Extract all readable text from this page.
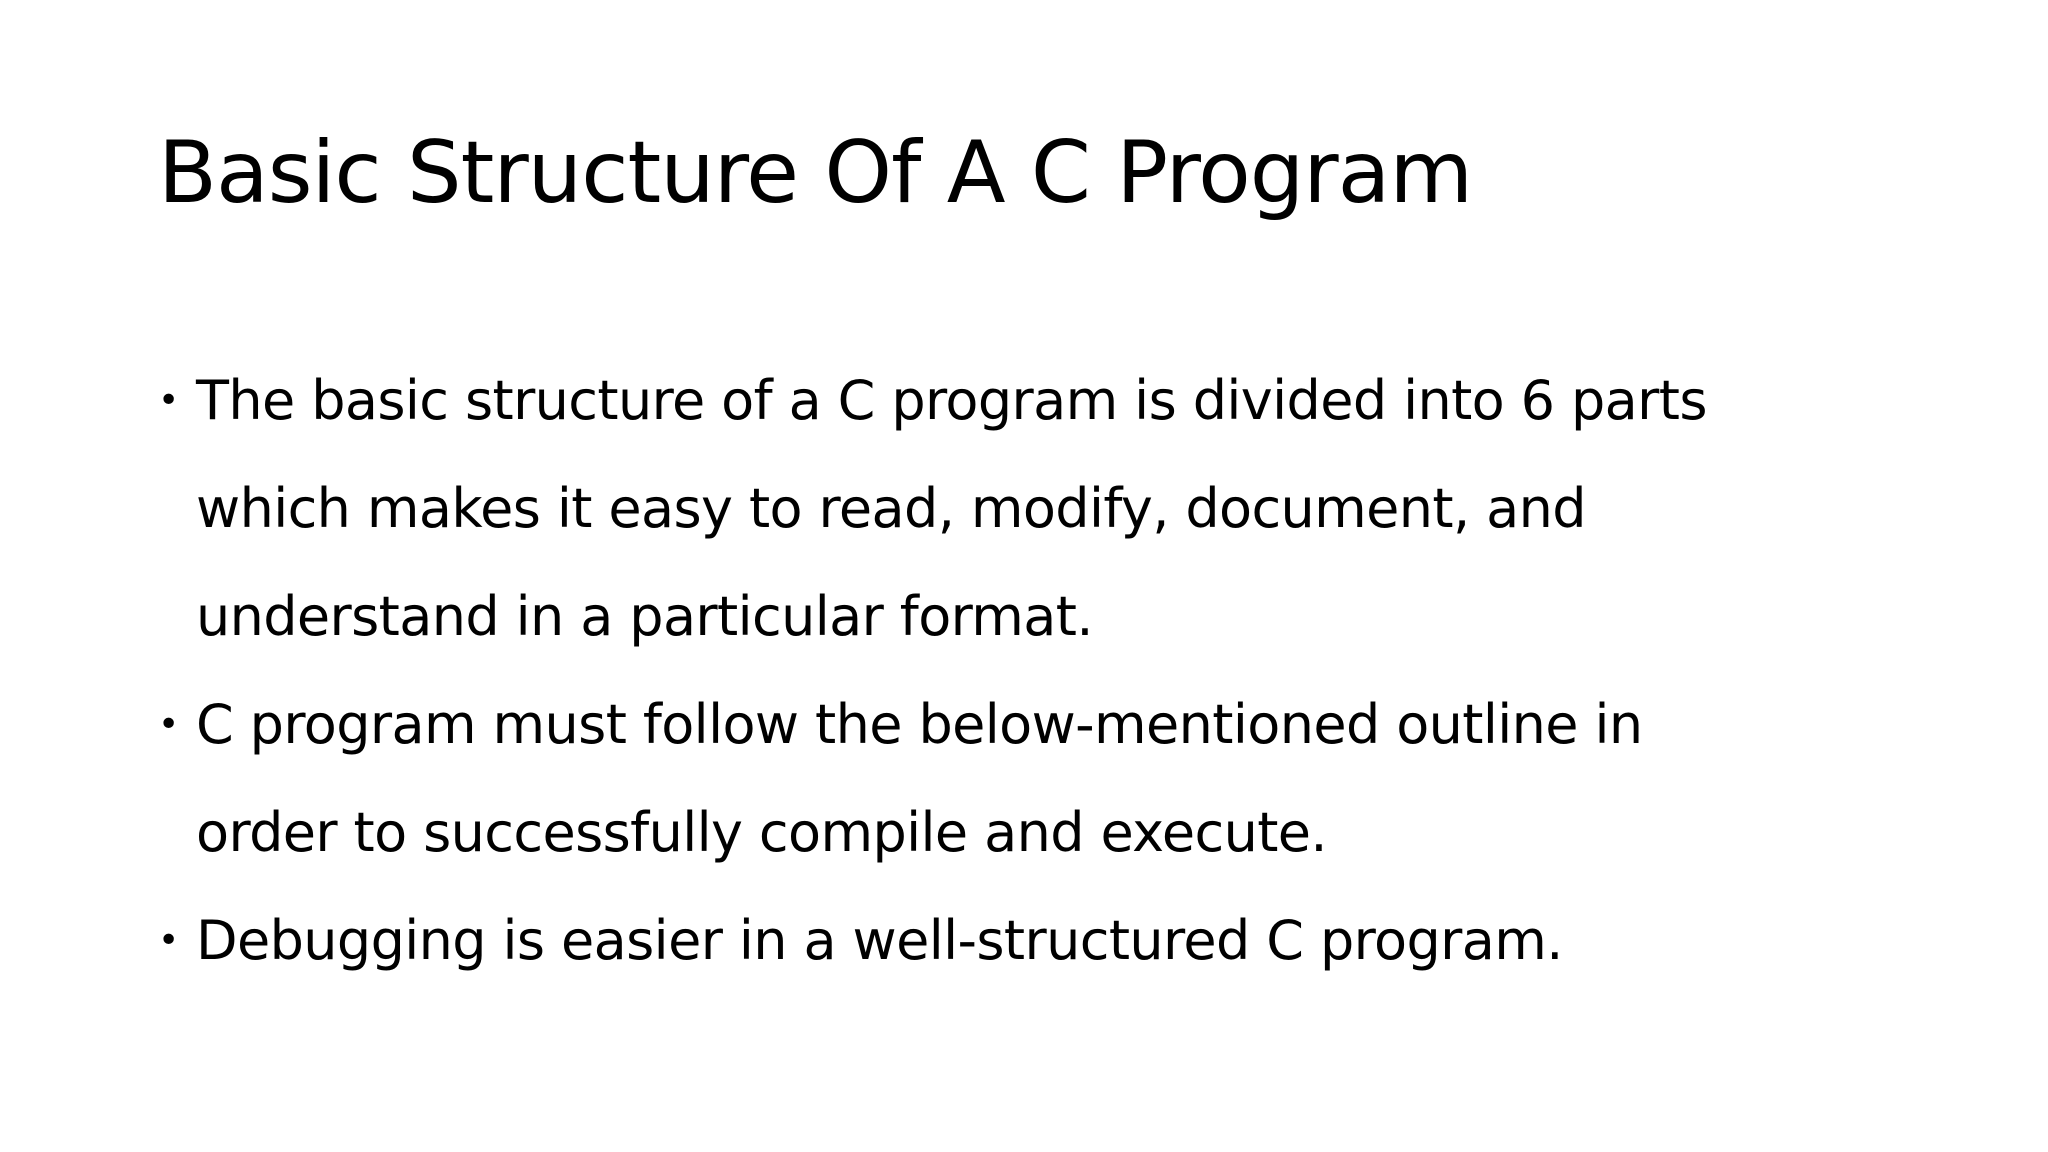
Basic Structure Of A C Program
• The basic structure of a C program is divided into 6 parts
which makes it easy to read, modify, document, and
understand in a particular format.
• C program must follow the below-mentioned outline in
order to successfully compile and execute.
• Debugging is easier in a well-structured C program.
